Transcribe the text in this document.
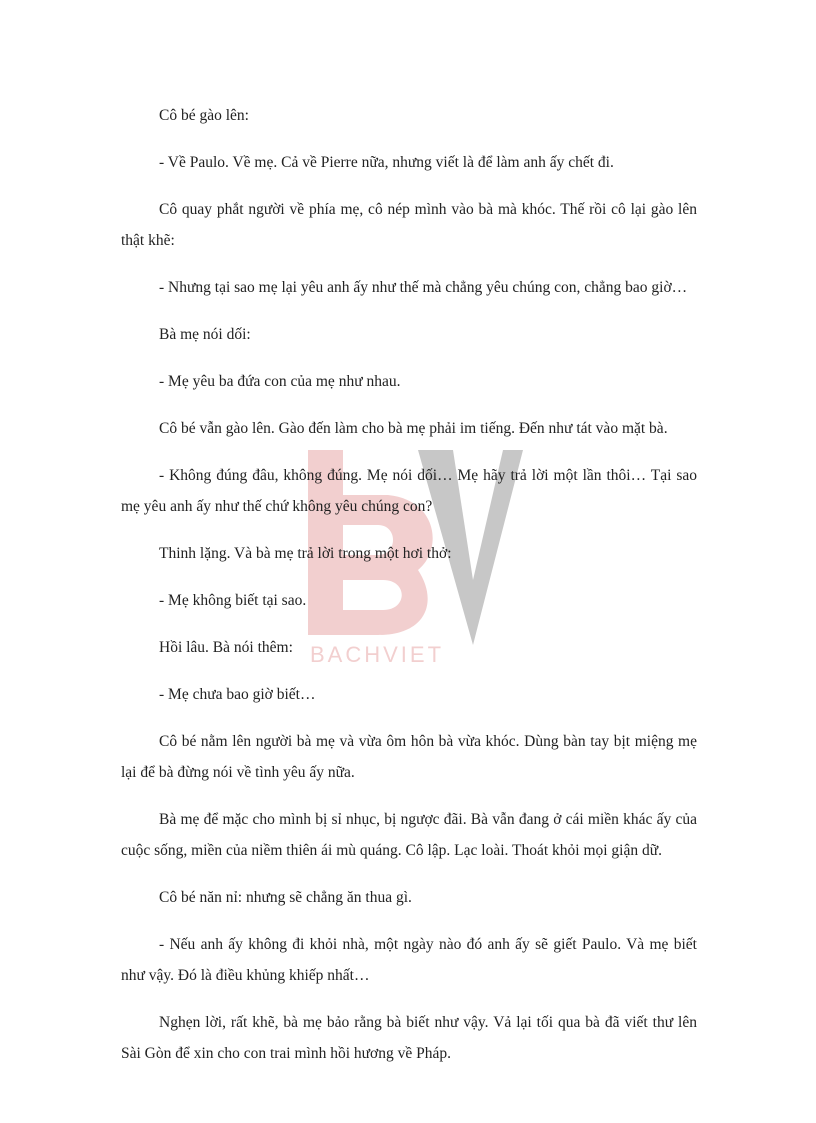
BACHVIET

Cô bé gào lên:

- Về Paulo. Về mẹ. Cả về Pierre nữa, nhưng viết là để làm anh ấy chết đi.

Cô quay phắt người về phía mẹ, cô nép mình vào bà mà khóc. Thế rồi cô lại gào lên thật khẽ:

- Nhưng tại sao mẹ lại yêu anh ấy như thế mà chẳng yêu chúng con, chẳng bao giờ…

Bà mẹ nói dối:

- Mẹ yêu ba đứa con của mẹ như nhau.

Cô bé vẫn gào lên. Gào đến làm cho bà mẹ phải im tiếng. Đến như tát vào mặt bà.

- Không đúng đâu, không đúng. Mẹ nói dối… Mẹ hãy trả lời một lần thôi… Tại sao mẹ yêu anh ấy như thế chứ không yêu chúng con?

Thinh lặng. Và bà mẹ trả lời trong một hơi thở:

- Mẹ không biết tại sao.

Hồi lâu. Bà nói thêm:

- Mẹ chưa bao giờ biết…

Cô bé nằm lên người bà mẹ và vừa ôm hôn bà vừa khóc. Dùng bàn tay bịt miệng mẹ lại để bà đừng nói về tình yêu ấy nữa.

Bà mẹ để mặc cho mình bị sỉ nhục, bị ngược đãi. Bà vẫn đang ở cái miền khác ấy của cuộc sống, miền của niềm thiên ái mù quáng. Cô lập. Lạc loài. Thoát khỏi mọi giận dữ.

Cô bé năn nỉ: nhưng sẽ chẳng ăn thua gì.

- Nếu anh ấy không đi khỏi nhà, một ngày nào đó anh ấy sẽ giết Paulo. Và mẹ biết như vậy. Đó là điều khủng khiếp nhất…

Nghẹn lời, rất khẽ, bà mẹ bảo rằng bà biết như vậy. Vả lại tối qua bà đã viết thư lên Sài Gòn để xin cho con trai mình hồi hương về Pháp.
